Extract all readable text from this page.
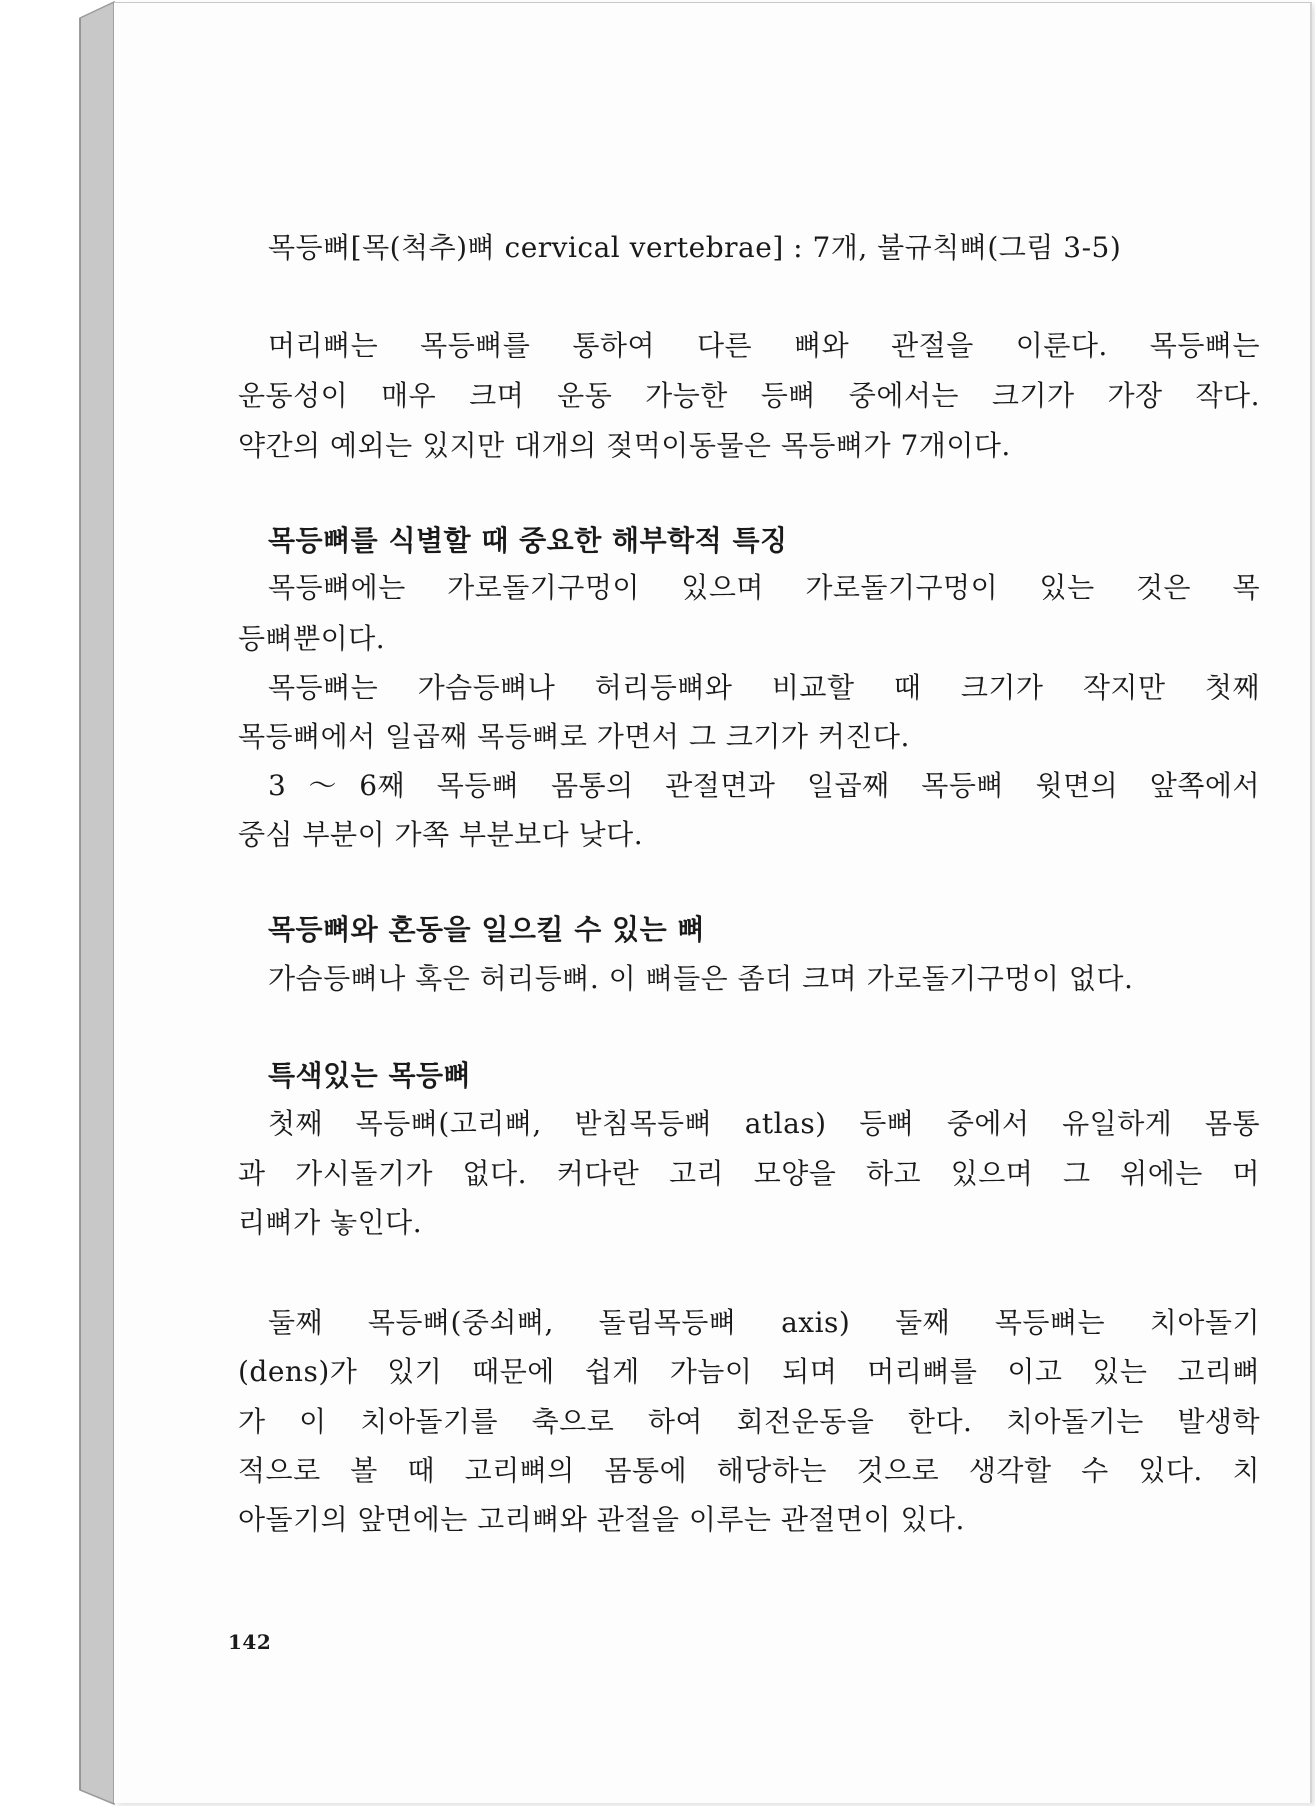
목등뼈[목(척추)뼈 cervical vertebrae] : 7개, 불규칙뼈(그림 3-5)
머리뼈는 목등뼈를 통하여 다른 뼈와 관절을 이룬다. 목등뼈는
운동성이 매우 크며 운동 가능한 등뼈 중에서는 크기가 가장 작다.
약간의 예외는 있지만 대개의 젖먹이동물은 목등뼈가 7개이다.
목등뼈를 식별할 때 중요한 해부학적 특징
목등뼈에는 가로돌기구멍이 있으며 가로돌기구멍이 있는 것은 목
등뼈뿐이다.
목등뼈는 가슴등뼈나 허리등뼈와 비교할 때 크기가 작지만 첫째
목등뼈에서 일곱째 목등뼈로 가면서 그 크기가 커진다.
3～6째 목등뼈 몸통의 관절면과 일곱째 목등뼈 윗면의 앞쪽에서
중심 부분이 가쪽 부분보다 낮다.
목등뼈와 혼동을 일으킬 수 있는 뼈
가슴등뼈나 혹은 허리등뼈. 이 뼈들은 좀더 크며 가로돌기구멍이 없다.
특색있는 목등뼈
첫째 목등뼈(고리뼈, 받침목등뼈 atlas) 등뼈 중에서 유일하게 몸통
과 가시돌기가 없다. 커다란 고리 모양을 하고 있으며 그 위에는 머
리뼈가 놓인다.
둘째 목등뼈(중쇠뼈, 돌림목등뼈 axis) 둘째 목등뼈는 치아돌기
(dens)가 있기 때문에 쉽게 가늠이 되며 머리뼈를 이고 있는 고리뼈
가 이 치아돌기를 축으로 하여 회전운동을 한다. 치아돌기는 발생학
적으로 볼 때 고리뼈의 몸통에 해당하는 것으로 생각할 수 있다. 치
아돌기의 앞면에는 고리뼈와 관절을 이루는 관절면이 있다.
142
